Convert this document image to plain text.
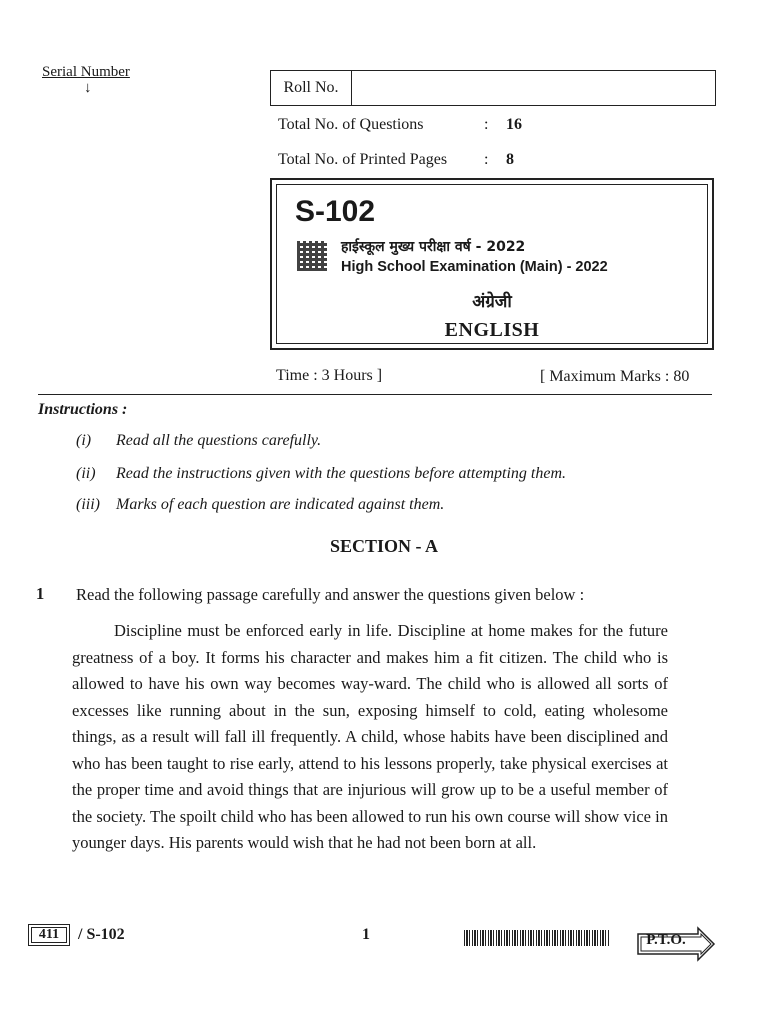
Serial Number
↓	Roll No.
Total No. of Questions	: 16
Total No. of Printed Pages : 8
S-102
हाईस्कूल मुख्य परीक्षा वर्ष - 2022
High School Examination (Main) - 2022
अंग्रेजी
ENGLISH
Time : 3 Hours ]	[ Maximum Marks : 80
Instructions :
(i) Read all the questions carefully.
(ii) Read the instructions given with the questions before attempting them.
(iii) Marks of each question are indicated against them.
SECTION - A
1 Read the following passage carefully and answer the questions given below :

Discipline must be enforced early in life. Discipline at home makes for the future greatness of a boy. It forms his character and makes him a fit citizen. The child who is allowed to have his own way becomes way-ward. The child who is allowed all sorts of excesses like running about in the sun, exposing himself to cold, eating wholesome things, as a result will fall ill frequently. A child, whose habits have been disciplined and who has been taught to rise early, attend to his lessons properly, take physical exercises at the proper time and avoid things that are injurious will grow up to be a useful member of the society. The spoilt child who has been allowed to run his own course will show vice in younger days. His parents would wish that he had not been born at all.

411	/ S-102	1	P.T.O.
